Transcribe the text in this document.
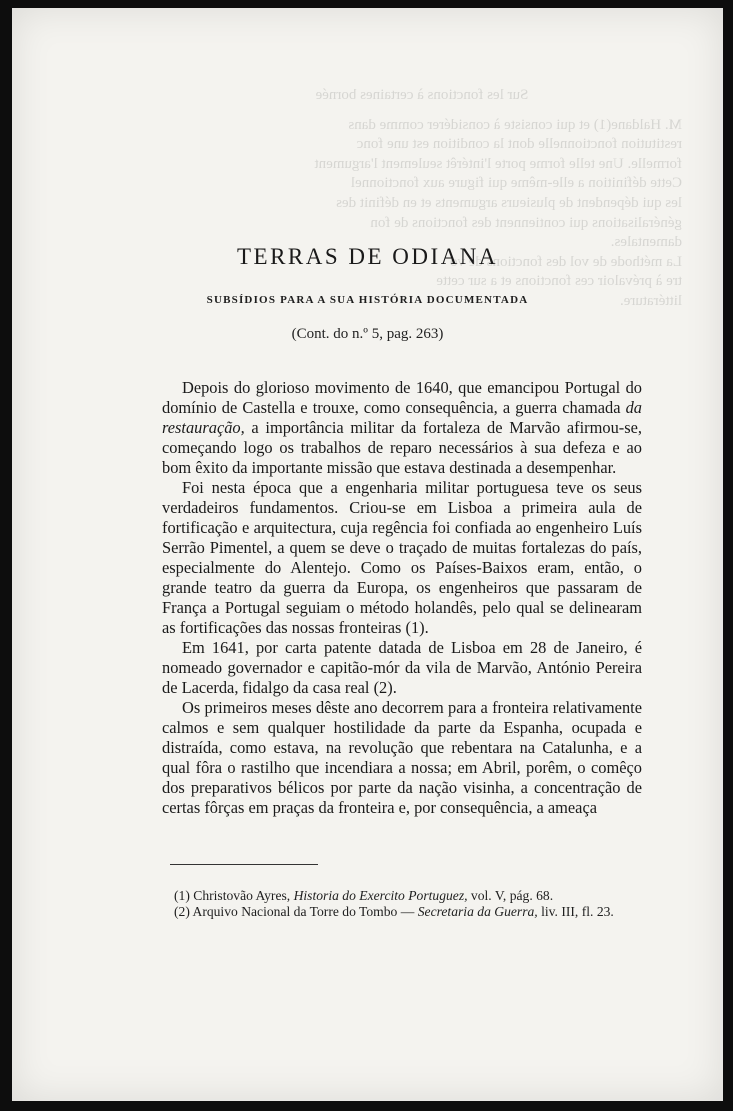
Sur les fonctions à certaines bornée
M. Haldane(1) et qui consiste à considérer comme dans
restitution fonctionnelle dont la condition est une fonc
formelle. Une telle forme porte l'intérêt seulement l'argument
Cette définition a elle-même qui figure aux fonctionnel
les qui dépendent de plusieurs arguments et en définit des
généralisations qui contiennent des fonctions de fon
damentales.
La méthode de vol des fonctions de vo
tre à prévaloir ces fonctions et a sur cette
littérature.
TERRAS DE ODIANA
SUBSÍDIOS PARA A SUA HISTÓRIA DOCUMENTADA
(Cont. do n.º 5, pag. 263)

Depois do glorioso movimento de 1640, que emancipou Portugal do domínio de Castella e trouxe, como consequência, a guerra chamada da restauração, a importância militar da fortaleza de Marvão afirmou-se, começando logo os trabalhos de reparo necessários à sua defeza e ao bom êxito da importante missão que estava destinada a desempenhar.

Foi nesta época que a engenharia militar portuguesa teve os seus verdadeiros fundamentos. Criou-se em Lisboa a primeira aula de fortificação e arquitectura, cuja regência foi confiada ao engenheiro Luís Serrão Pimentel, a quem se deve o traçado de muitas fortalezas do país, especialmente do Alentejo. Como os Países-Baixos eram, então, o grande teatro da guerra da Europa, os engenheiros que passaram de França a Portugal seguiam o método holandês, pelo qual se delinearam as fortificações das nossas fronteiras (1).

Em 1641, por carta patente datada de Lisboa em 28 de Janeiro, é nomeado governador e capitão-mór da vila de Marvão, António Pereira de Lacerda, fidalgo da casa real (2).

Os primeiros meses dêste ano decorrem para a fronteira relativamente calmos e sem qualquer hostilidade da parte da Espanha, ocupada e distraída, como estava, na revolução que rebentara na Catalunha, e a qual fôra o rastilho que incendiara a nossa; em Abril, porêm, o comêço dos preparativos bélicos por parte da nação visinha, a concentração de certas fôrças em praças da fronteira e, por consequência, a ameaça

(1) Christovão Ayres, Historia do Exercito Portuguez, vol. V, pág. 68.

(2) Arquivo Nacional da Torre do Tombo — Secretaria da Guerra, liv. III, fl. 23.
